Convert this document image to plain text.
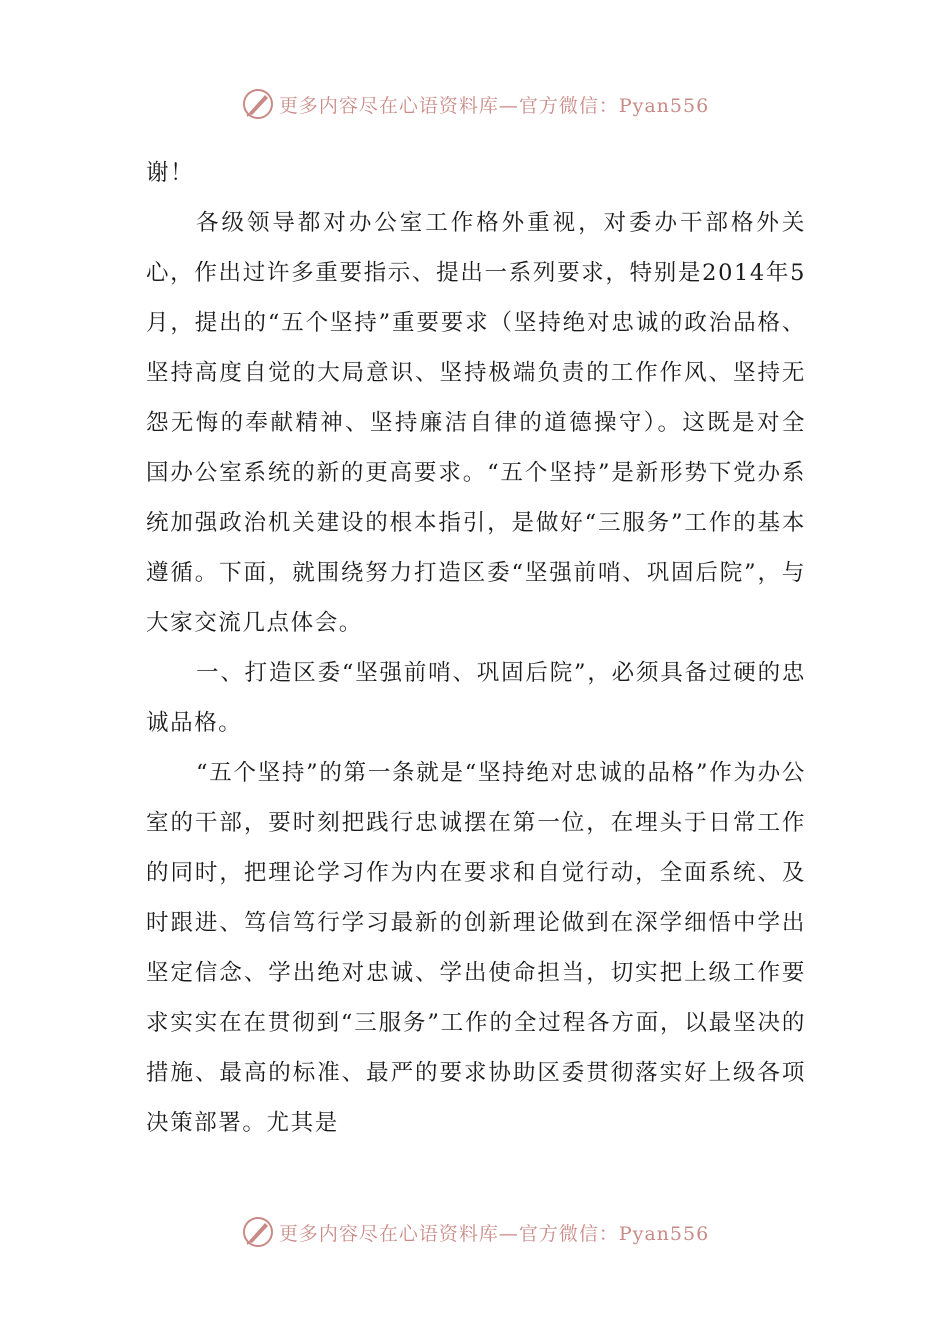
更多内容尽在心语资料库—官方微信：Pyan556

谢！

各级领导都对办公室工作格外重视，对委办干部格外关心，作出过许多重要指示、提出一系列要求，特别是2014年5月，提出的“五个坚持”重要要求（坚持绝对忠诚的政治品格、坚持高度自觉的大局意识、坚持极端负责的工作作风、坚持无怨无悔的奉献精神、坚持廉洁自律的道德操守）。这既是对全国办公室系统的新的更高要求。“五个坚持”是新形势下党办系统加强政治机关建设的根本指引，是做好“三服务”工作的基本遵循。下面，就围绕努力打造区委“坚强前哨、巩固后院”，与大家交流几点体会。

一、打造区委“坚强前哨、巩固后院”，必须具备过硬的忠诚品格。

“五个坚持”的第一条就是“坚持绝对忠诚的品格”作为办公室的干部，要时刻把践行忠诚摆在第一位，在埋头于日常工作的同时，把理论学习作为内在要求和自觉行动，全面系统、及时跟进、笃信笃行学习最新的创新理论做到在深学细悟中学出坚定信念、学出绝对忠诚、学出使命担当，切实把上级工作要求实实在在贯彻到“三服务”工作的全过程各方面，以最坚决的措施、最高的标准、最严的要求协助区委贯彻落实好上级各项决策部署。尤其是

更多内容尽在心语资料库—官方微信：Pyan556
